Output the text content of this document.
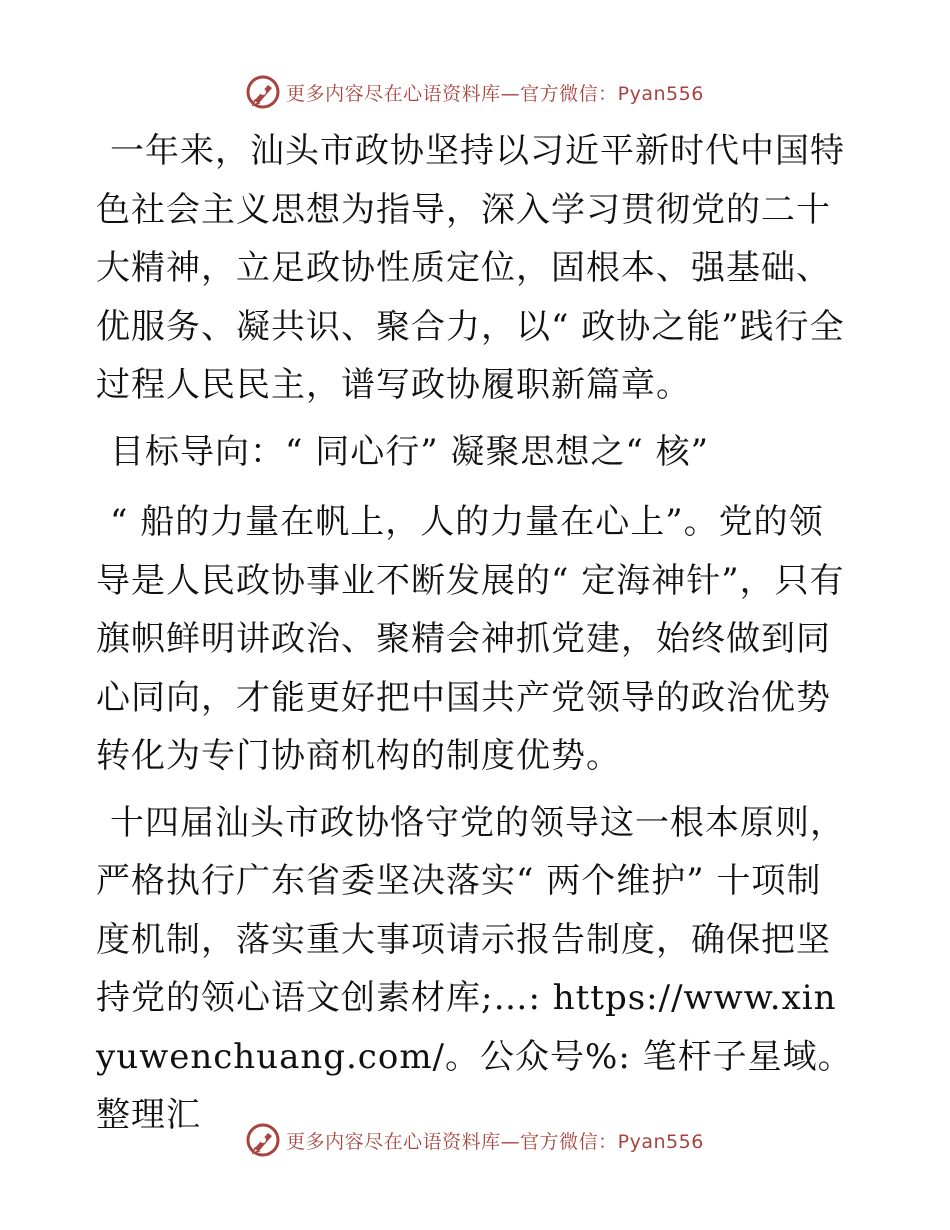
更多内容尽在心语资料库—官方微信：Pyan556

一年来，汕头市政协坚持以习近平新时代中国特色社会主义思想为指导，深入学习贯彻党的二十大精神，立足政协性质定位，固根本、强基础、优服务、凝共识、聚合力，以“ 政协之能”践行全过程人民民主，谱写政协履职新篇章。

目标导向：“ 同心行” 凝聚思想之“ 核”

“ 船的力量在帆上，人的力量在心上”。党的领导是人民政协事业不断发展的“ 定海神针”，只有旗帜鲜明讲政治、聚精会神抓党建，始终做到同心同向，才能更好把中国共产党领导的政治优势转化为专门协商机构的制度优势。

十四届汕头市政协恪守党的领导这一根本原则，严格执行广东省委坚决落实“ 两个维护” 十项制度机制，落实重大事项请示报告制度，确保把坚持党的领心语文创素材库;…: https://www.xinyuwenchuang.com/。公众号%: 笔杆子星域。整理汇

更多内容尽在心语资料库—官方微信：Pyan556
